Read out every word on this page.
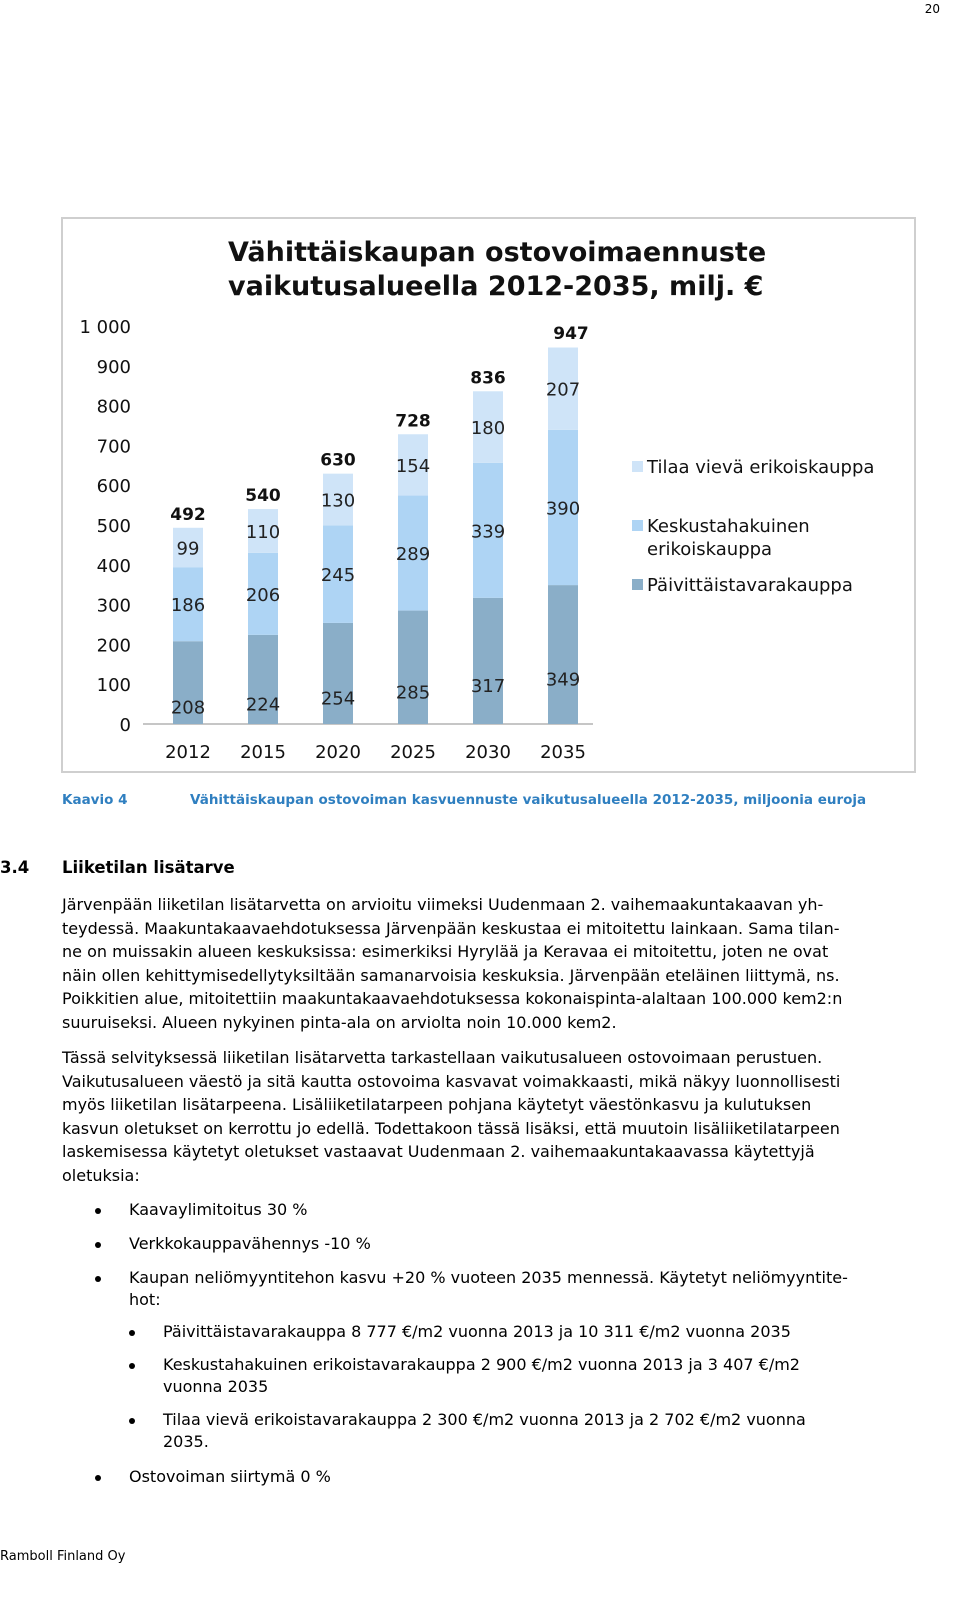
20
Vähittäiskaupan ostovoimaennuste
vaikutusalueella 2012-2035, milj. €
0
100
200
300
400
500
600
700
800
900
1 000
208
186
99
492
2012
224
206
110
540
2015
254
245
130
630
2020
285
289
154
728
2025
317
339
180
836
2030
349
390
207
947
2035
Tilaa vievä erikoiskauppa
Keskustahakuinen
erikoiskauppa
Päivittäistavarakauppa
Kaavio 4	Vähittäiskaupan ostovoiman kasvuennuste vaikutusalueella 2012-2035, miljoonia euroja
3.4 Liiketilan lisätarve
Järvenpään liiketilan lisätarvetta on arvioitu viimeksi Uudenmaan 2. vaihemaakuntakaavan yh-
teydessä. Maakuntakaavaehdotuksessa Järvenpään keskustaa ei mitoitettu lainkaan. Sama tilan-
ne on muissakin alueen keskuksissa: esimerkiksi Hyrylää ja Keravaa ei mitoitettu, joten ne ovat
näin ollen kehittymisedellytyksiltään samanarvoisia keskuksia. Järvenpään eteläinen liittymä, ns.
Poikkitien alue, mitoitettiin maakuntakaavaehdotuksessa kokonaispinta-alaltaan 100.000 kem2:n
suuruiseksi. Alueen nykyinen pinta-ala on arviolta noin 10.000 kem2.
Tässä selvityksessä liiketilan lisätarvetta tarkastellaan vaikutusalueen ostovoimaan perustuen.
Vaikutusalueen väestö ja sitä kautta ostovoima kasvavat voimakkaasti, mikä näkyy luonnollisesti
myös liiketilan lisätarpeena. Lisäliiketilatarpeen pohjana käytetyt väestönkasvu ja kulutuksen
kasvun oletukset on kerrottu jo edellä. Todettakoon tässä lisäksi, että muutoin lisäliiketilatarpeen
laskemisessa käytetyt oletukset vastaavat Uudenmaan 2. vaihemaakuntakaavassa käytettyjä
oletuksia:
Kaavaylimitoitus 30 %
Verkkokauppavähennys -10 %
Kaupan neliömyyntitehon kasvu +20 % vuoteen 2035 mennessä. Käytetyt neliömyyntite-
hot:
Päivittäistavarakauppa 8 777 €/m2 vuonna 2013 ja 10 311 €/m2 vuonna 2035
Keskustahakuinen erikoistavarakauppa 2 900 €/m2 vuonna 2013 ja 3 407 €/m2
vuonna 2035
Tilaa vievä erikoistavarakauppa 2 300 €/m2 vuonna 2013 ja 2 702 €/m2 vuonna
2035.
Ostovoiman siirtymä 0 %
Ramboll Finland Oy
